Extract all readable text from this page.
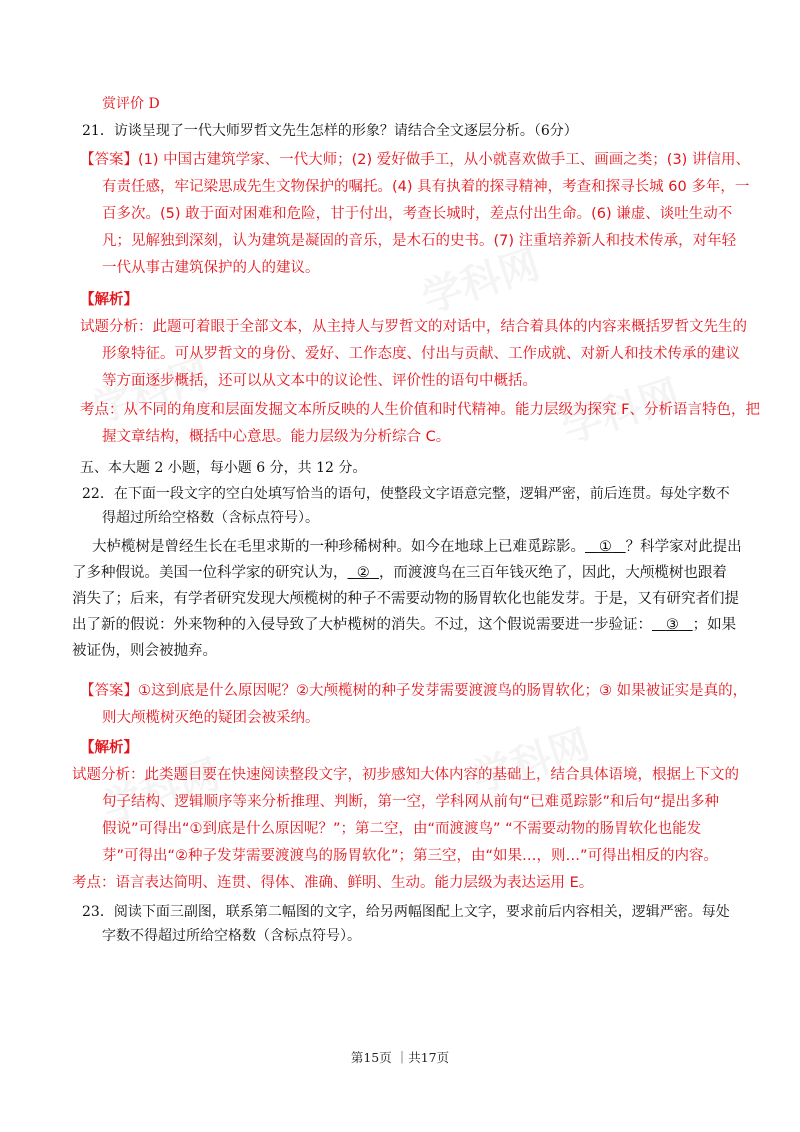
学科网
学科网
学科网
学科网
学科网
赏评价 D
21．访谈呈现了一代大师罗哲文先生怎样的形象？请结合全文逐层分析。（6分）
【答案】(1) 中国古建筑学家、一代大师；(2) 爱好做手工，从小就喜欢做手工、画画之类；(3) 讲信用、
有责任感，牢记梁思成先生文物保护的嘱托。(4) 具有执着的探寻精神，考查和探寻长城 60 多年，一
百多次。(5) 敢于面对困难和危险，甘于付出，考查长城时，差点付出生命。(6) 谦虚、谈吐生动不
凡；见解独到深刻，认为建筑是凝固的音乐，是木石的史书。(7) 注重培养新人和技术传承，对年轻
一代从事古建筑保护的人的建议。
【解析】
试题分析：此题可着眼于全部文本，从主持人与罗哲文的对话中，结合着具体的内容来概括罗哲文先生的
形象特征。可从罗哲文的身份、爱好、工作态度、付出与贡献、工作成就、对新人和技术传承的建议
等方面逐步概括，还可以从文本中的议论性、评价性的语句中概括。
考点：从不同的角度和层面发掘文本所反映的人生价值和时代精神。能力层级为探究 F、分析语言特色，把
握文章结构，概括中心意思。能力层级为分析综合 C。
五、本大题 2 小题，每小题 6 分，共 12 分。
22．在下面一段文字的空白处填写恰当的语句，使整段文字语意完整，逻辑严密，前后连贯。每处字数不
得超过所给空格数（含标点符号）。
大栌榄树是曾经生长在毛里求斯的一种珍稀树种。如今在地球上已难觅踪影。 ① ？科学家对此提出
了多种假说。美国一位科学家的研究认为， ② ，而渡渡鸟在三百年钱灭绝了，因此，大颅榄树也跟着
消失了；后来，有学者研究发现大颅榄树的种子不需要动物的肠胃软化也能发芽。于是，又有研究者们提
出了新的假说：外来物种的入侵导致了大栌榄树的消失。不过，这个假说需要进一步验证： ③ ；如果
被证伪，则会被抛弃。
【答案】①这到底是什么原因呢？②大颅榄树的种子发芽需要渡渡鸟的肠胃软化；③ 如果被证实是真的，
则大颅榄树灭绝的疑团会被采纳。
【解析】
试题分析：此类题目要在快速阅读整段文字，初步感知大体内容的基础上，结合具体语境，根据上下文的
句子结构、逻辑顺序等来分析推理、判断，第一空，学科网从前句“已难觅踪影”和后句“提出多种
假说”可得出“①到底是什么原因呢？”；第二空，由“而渡渡鸟” “不需要动物的肠胃软化也能发
芽”可得出“②种子发芽需要渡渡鸟的肠胃软化”；第三空，由“如果…，则…”可得出相反的内容。
考点：语言表达简明、连贯、得体、准确、鲜明、生动。能力层级为表达运用 E。
23．阅读下面三副图，联系第二幅图的文字，给另两幅图配上文字，要求前后内容相关，逻辑严密。每处
字数不得超过所给空格数（含标点符号）。
第15页 ｜共17页
